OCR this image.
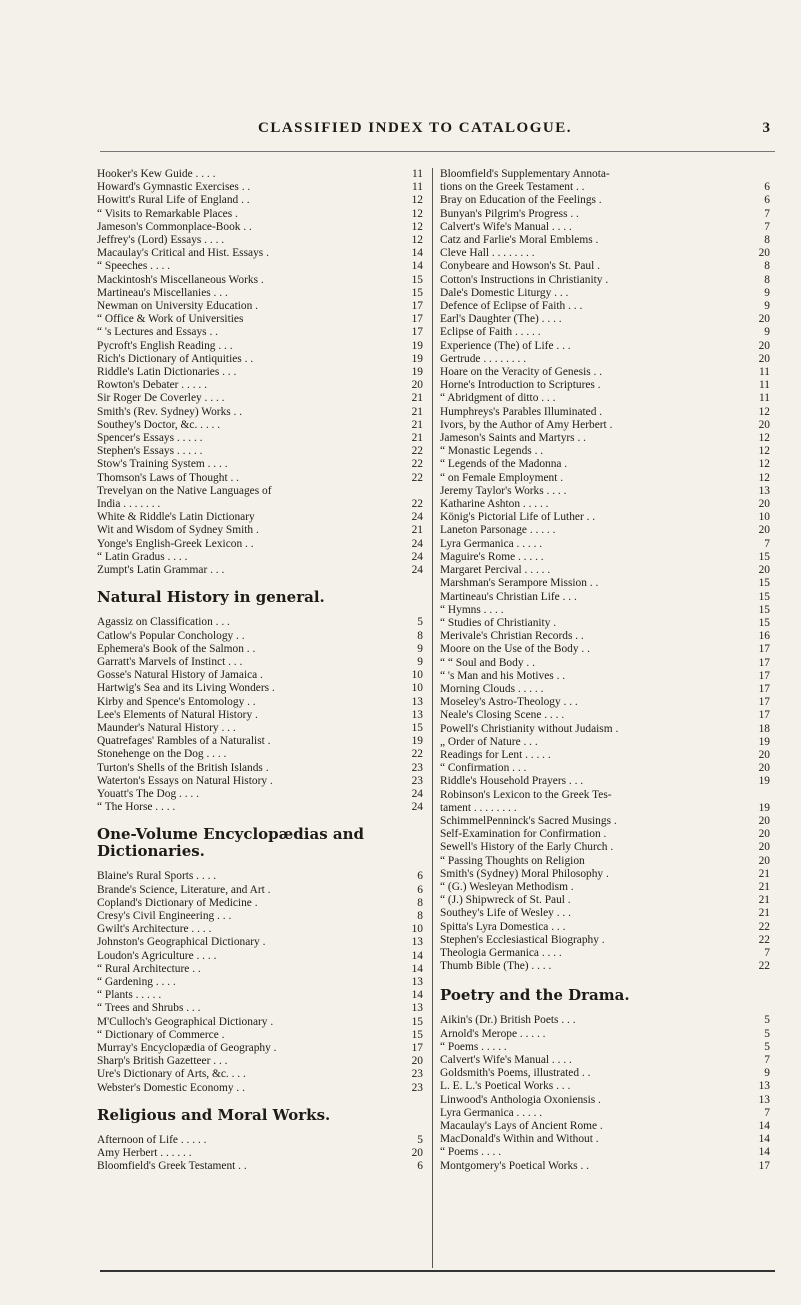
CLASSIFIED INDEX TO CATALOGUE.	3
Hooker's Kew Guide . . . .	11
Howard's Gymnastic Exercises . .	11
Howitt's Rural Life of England . .	12
“ Visits to Remarkable Places .	12
Jameson's Commonplace-Book . .	12
Jeffrey's (Lord) Essays . . . .	12
Macaulay's Critical and Hist. Essays .	14
“ Speeches . . . .	14
Mackintosh's Miscellaneous Works .	15
Martineau's Miscellanies . . .	15
Newman on University Education .	17
“ Office & Work of Universities	17
“ 's Lectures and Essays . .	17
Pycroft's English Reading . . .	19
Rich's Dictionary of Antiquities . .	19
Riddle's Latin Dictionaries . . .	19
Rowton's Debater . . . . .	20
Sir Roger De Coverley . . . .	21
Smith's (Rev. Sydney) Works . .	21
Southey's Doctor, &c. . . . .	21
Spencer's Essays . . . . .	21
Stephen's Essays . . . . .	22
Stow's Training System . . . .	22
Thomson's Laws of Thought . .	22
Trevelyan on the Native Languages of
India . . . . . . .	22
White & Riddle's Latin Dictionary	24
Wit and Wisdom of Sydney Smith .	21
Yonge's English-Greek Lexicon . .	24
“ Latin Gradus . . . .	24
Zumpt's Latin Grammar . . .	24
Natural History in general.
Agassiz on Classification . . .	5
Catlow's Popular Conchology . .	8
Ephemera's Book of the Salmon . .	9
Garratt's Marvels of Instinct . . .	9
Gosse's Natural History of Jamaica .	10
Hartwig's Sea and its Living Wonders .	10
Kirby and Spence's Entomology . .	13
Lee's Elements of Natural History .	13
Maunder's Natural History . . .	15
Quatrefages' Rambles of a Naturalist .	19
Stonehenge on the Dog . . . .	22
Turton's Shells of the British Islands .	23
Waterton's Essays on Natural History .	23
Youatt's The Dog . . . .	24
“ The Horse . . . .	24
One-Volume Encyclopædias and
Dictionaries.
Blaine's Rural Sports . . . .	6
Brande's Science, Literature, and Art .	6
Copland's Dictionary of Medicine .	8
Cresy's Civil Engineering . . .	8
Gwilt's Architecture . . . .	10
Johnston's Geographical Dictionary .	13
Loudon's Agriculture . . . .	14
“ Rural Architecture . .	14
“ Gardening . . . .	13
“ Plants . . . . .	14
“ Trees and Shrubs . . .	13
M'Culloch's Geographical Dictionary .	15
“ Dictionary of Commerce .	15
Murray's Encyclopædia of Geography .	17
Sharp's British Gazetteer . . .	20
Ure's Dictionary of Arts, &c. . . .	23
Webster's Domestic Economy . .	23
Religious and Moral Works.
Afternoon of Life . . . . .	5
Amy Herbert . . . . . .	20
Bloomfield's Greek Testament . .	6
Bloomfield's Supplementary Annota-
tions on the Greek Testament . .	6
Bray on Education of the Feelings .	6
Bunyan's Pilgrim's Progress . .	7
Calvert's Wife's Manual . . . .	7
Catz and Farlie's Moral Emblems .	8
Cleve Hall . . . . . . . .	20
Conybeare and Howson's St. Paul .	8
Cotton's Instructions in Christianity .	8
Dale's Domestic Liturgy . . .	9
Defence of Eclipse of Faith . . .	9
Earl's Daughter (The) . . . .	20
Eclipse of Faith . . . . .	9
Experience (The) of Life . . .	20
Gertrude . . . . . . . .	20
Hoare on the Veracity of Genesis . .	11
Horne's Introduction to Scriptures .	11
“ Abridgment of ditto . . .	11
Humphreys's Parables Illuminated .	12
Ivors, by the Author of Amy Herbert .	20
Jameson's Saints and Martyrs . .	12
“ Monastic Legends . .	12
“ Legends of the Madonna .	12
“ on Female Employment .	12
Jeremy Taylor's Works . . . .	13
Katharine Ashton . . . . .	20
König's Pictorial Life of Luther . .	10
Laneton Parsonage . . . . .	20
Lyra Germanica . . . . .	7
Maguire's Rome . . . . .	15
Margaret Percival . . . . .	20
Marshman's Serampore Mission . .	15
Martineau's Christian Life . . .	15
“ Hymns . . . .	15
“ Studies of Christianity .	15
Merivale's Christian Records . .	16
Moore on the Use of the Body . .	17
“ “ Soul and Body . .	17
“ 's Man and his Motives . .	17
Morning Clouds . . . . .	17
Moseley's Astro-Theology . . .	17
Neale's Closing Scene . . . .	17
Powell's Christianity without Judaism .	18
„ Order of Nature . . .	19
Readings for Lent . . . . .	20
“ Confirmation . . .	20
Riddle's Household Prayers . . .	19
Robinson's Lexicon to the Greek Tes-
tament . . . . . . . .	19
SchimmelPenninck's Sacred Musings .	20
Self-Examination for Confirmation .	20
Sewell's History of the Early Church .	20
“ Passing Thoughts on Religion	20
Smith's (Sydney) Moral Philosophy .	21
“ (G.) Wesleyan Methodism .	21
“ (J.) Shipwreck of St. Paul .	21
Southey's Life of Wesley . . .	21
Spitta's Lyra Domestica . . .	22
Stephen's Ecclesiastical Biography .	22
Theologia Germanica . . . .	7
Thumb Bible (The) . . . .	22
Poetry and the Drama.
Aikin's (Dr.) British Poets . . .	5
Arnold's Merope . . . . .	5
“ Poems . . . . .	5
Calvert's Wife's Manual . . . .	7
Goldsmith's Poems, illustrated . .	9
L. E. L.'s Poetical Works . . .	13
Linwood's Anthologia Oxoniensis .	13
Lyra Germanica . . . . .	7
Macaulay's Lays of Ancient Rome .	14
MacDonald's Within and Without .	14
“ Poems . . . .	14
Montgomery's Poetical Works . .	17
